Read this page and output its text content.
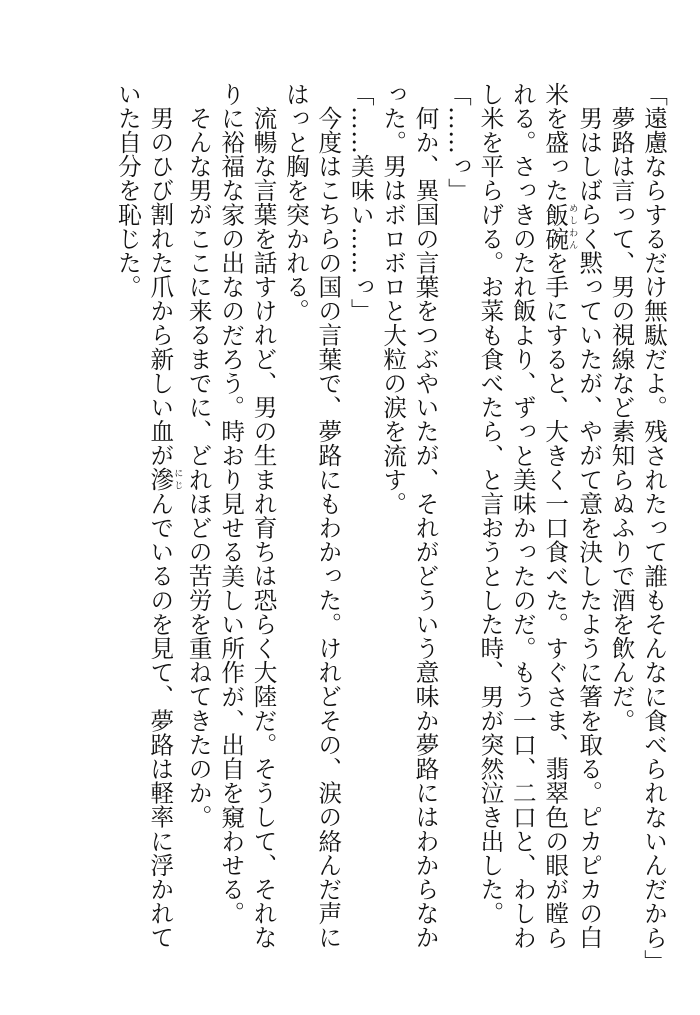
「遠慮ならするだけ無駄だよ。残されたって誰もそんなに食べられないんだから」

夢路は言って、男の視線など素知らぬふりで酒を飲んだ。

男はしばらく黙っていたが、やがて意を決したように箸を取る。ピカピカの白米を盛った飯めし碗わんを手にすると、大きく一口食べた。すぐさま、翡翠色の眼が瞠られる。さっきのたれ飯より、ずっと美味かったのだ。もう一口、二口と、わしわし米を平らげる。お菜も食べたら、と言おうとした時、男が突然泣き出した。

「……っ」

何か、異国の言葉をつぶやいたが、それがどういう意味か夢路にはわからなかった。男はボロボロと大粒の涙を流す。

「……美味い……っ」

今度はこちらの国の言葉で、夢路にもわかった。けれどその、涙の絡んだ声にはっと胸を突かれる。

流暢な言葉を話すけれど、男の生まれ育ちは恐らく大陸だ。そうして、それなりに裕福な家の出なのだろう。時おり見せる美しい所作が、出自を窺わせる。

そんな男がここに来るまでに、どれほどの苦労を重ねてきたのか。

男のひび割れた爪から新しい血が滲にじんでいるのを見て、夢路は軽率に浮かれていた自分を恥じた。
